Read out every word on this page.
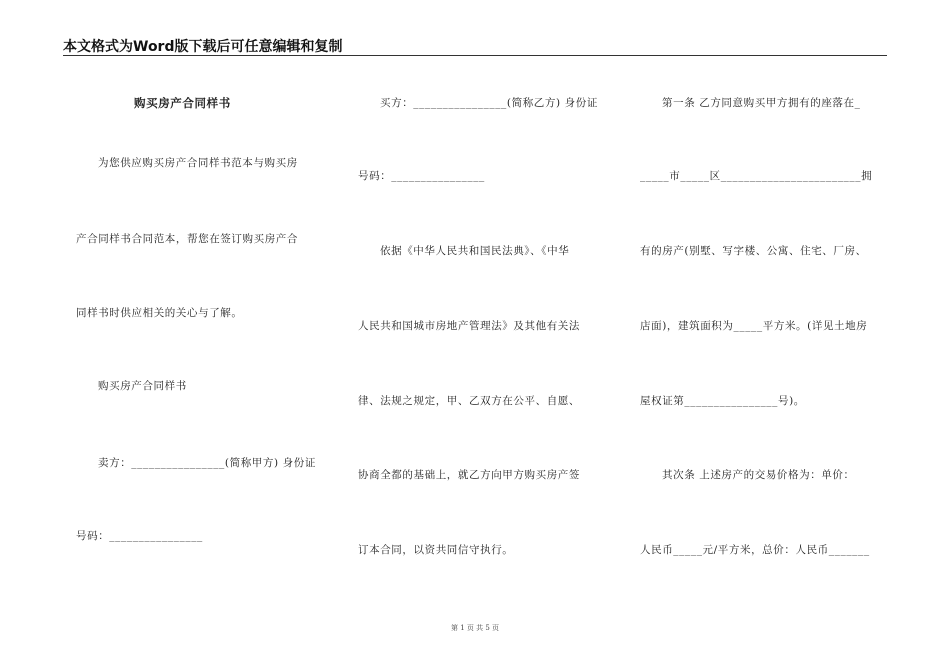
本文格式为Word版下载后可任意编辑和复制
购买房产合同样书
为您供应购买房产合同样书范本与购买房
产合同样书合同范本，帮您在签订购买房产合
同样书时供应相关的关心与了解。
购买房产合同样书
卖方：________________(简称甲方) 身份证
号码：________________
买方：________________(简称乙方) 身份证
号码：________________
依据《中华人民共和国民法典》、《中华
人民共和国城市房地产管理法》及其他有关法
律、法规之规定，甲、乙双方在公平、自愿、
协商全都的基础上，就乙方向甲方购买房产签
订本合同，以资共同信守执行。
第一条 乙方同意购买甲方拥有的座落在_
_____市_____区________________________拥
有的房产(别墅、写字楼、公寓、住宅、厂房、
店面)，建筑面积为_____平方米。(详见土地房
屋权证第________________号)。
其次条 上述房产的交易价格为：单价：
人民币_____元/平方米，总价：人民币_______
第 1 页 共 5 页
